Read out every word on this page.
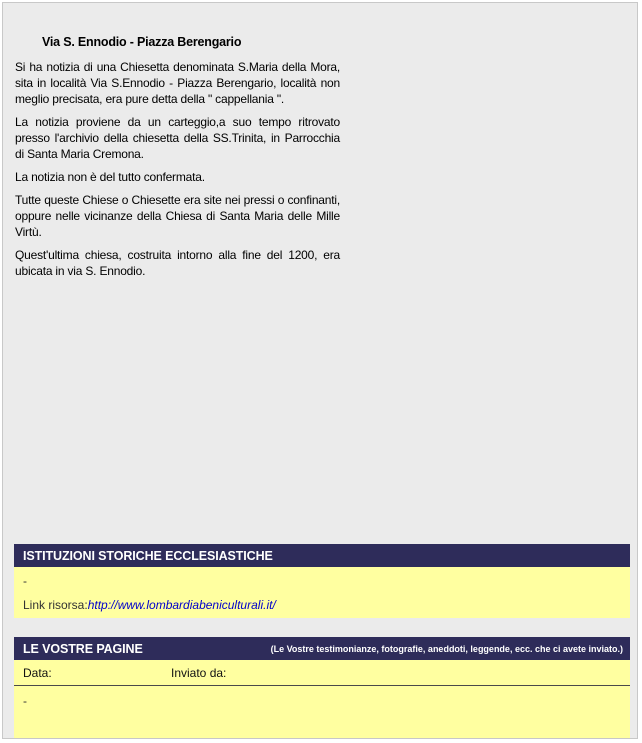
Via S. Ennodio - Piazza Berengario

Si ha notizia di una Chiesetta denominata S.Maria della Mora, sita in località Via S.Ennodio - Piazza Berengario, località non meglio precisata, era pure detta della " cappellania ".

La notizia proviene da un carteggio,a suo tempo ritrovato presso l'archivio della chiesetta della SS.Trinita, in Parrocchia di Santa Maria Cremona.

La notizia non è del tutto confermata.

Tutte queste Chiese o Chiesette era site nei pressi o confinanti, oppure nelle vicinanze della Chiesa di Santa Maria delle Mille Virtù.

Quest'ultima chiesa, costruita intorno alla fine del 1200, era ubicata in via S. Ennodio.

ISTITUZIONI STORICHE ECCLESIASTICHE
-
Link risorsa:http://www.lombardiabeniculturali.it/
LE VOSTRE PAGINE	(Le Vostre testimonianze, fotografie, aneddoti, leggende, ecc. che ci avete inviato.)
Data:	Inviato da:
-
